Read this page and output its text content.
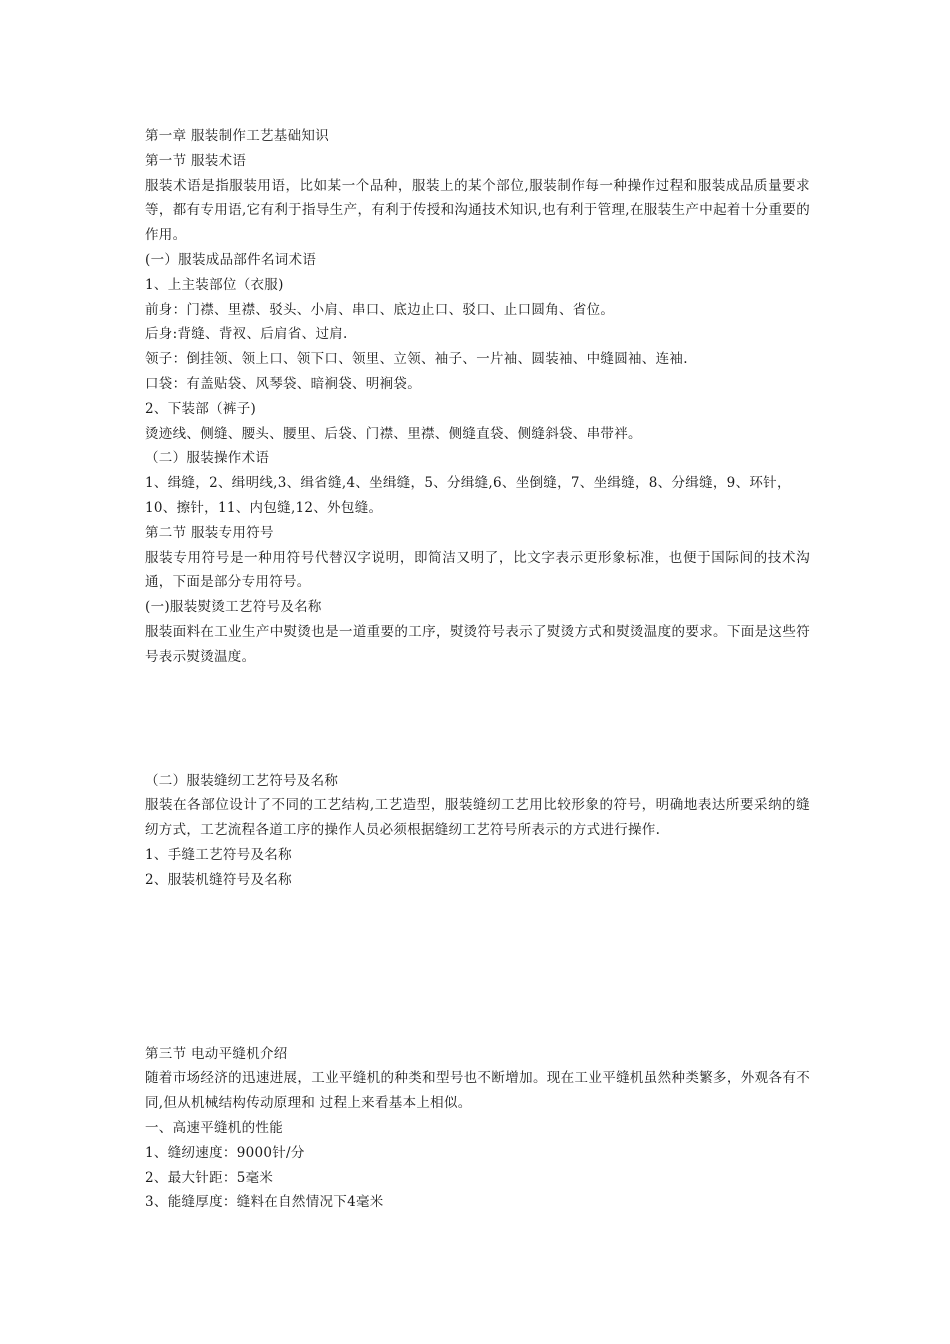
第一章 服装制作工艺基础知识
第一节 服装术语
服装术语是指服装用语，比如某一个品种，服装上的某个部位,服装制作每一种操作过程和服装成品质量要求等，都有专用语,它有利于指导生产，有利于传授和沟通技术知识,也有利于管理,在服装生产中起着十分重要的作用。
(一）服装成品部件名词术语
1、上主装部位（衣服)
前身：门襟、里襟、驳头、小肩、串口、底边止口、驳口、止口圆角、省位。
后身:背缝、背衩、后肩省、过肩.
领子：倒挂领、领上口、领下口、领里、立领、袖子、一片袖、圆装袖、中缝圆袖、连袖.
口袋：有盖贴袋、风琴袋、暗裥袋、明裥袋。
2、下装部（裤子)
烫迹线、侧缝、腰头、腰里、后袋、门襟、里襟、侧缝直袋、侧缝斜袋、串带袢。
（二）服装操作术语
1、缉缝，2、缉明线,3、缉省缝,4、坐缉缝，5、分缉缝,6、坐倒缝，7、坐缉缝，8、分缉缝，9、环针，
10、擦针，11、内包缝,12、外包缝。
第二节 服装专用符号
服装专用符号是一种用符号代替汉字说明，即简洁又明了，比文字表示更形象标准，也便于国际间的技术沟通，下面是部分专用符号。
(一)服装熨烫工艺符号及名称
服装面料在工业生产中熨烫也是一道重要的工序，熨烫符号表示了熨烫方式和熨烫温度的要求。下面是这些符号表示熨烫温度。
（二）服装缝纫工艺符号及名称
服装在各部位设计了不同的工艺结构,工艺造型，服装缝纫工艺用比较形象的符号，明确地表达所要采纳的缝纫方式，工艺流程各道工序的操作人员必须根据缝纫工艺符号所表示的方式进行操作.
1、手缝工艺符号及名称
2、服装机缝符号及名称
第三节 电动平缝机介绍
随着市场经济的迅速进展，工业平缝机的种类和型号也不断增加。现在工业平缝机虽然种类繁多，外观各有不同,但从机械结构传动原理和 过程上来看基本上相似。
一、高速平缝机的性能
1、缝纫速度：9000针/分
2、最大针距：5毫米
3、能缝厚度：缝料在自然情况下4毫米
